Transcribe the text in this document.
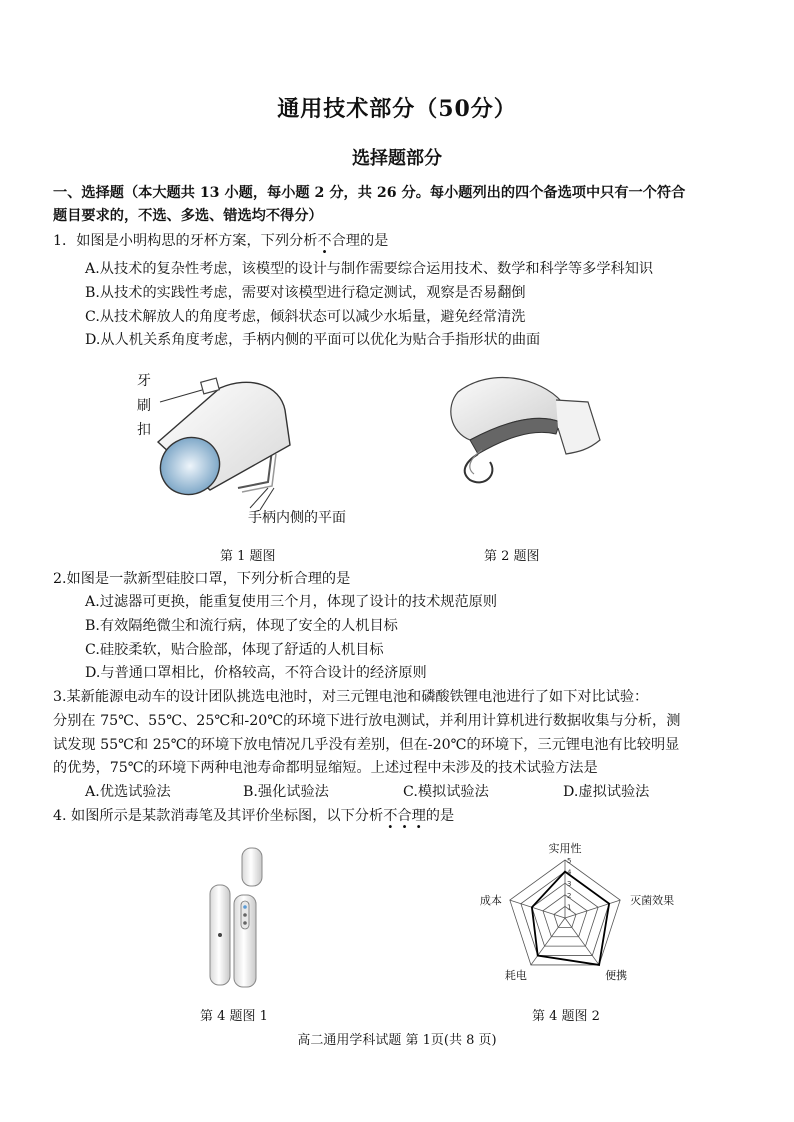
通用技术部分（50分）
选择题部分
一、选择题（本大题共 13 小题，每小题 2 分，共 26 分。每小题列出的四个备选项中只有一个符合
题目要求的，不选、多选、错选均不得分）
1．如图是小明构思的牙杯方案，下列分析不合理的是
A.从技术的复杂性考虑，该模型的设计与制作需要综合运用技术、数学和科学等多学科知识
B.从技术的实践性考虑，需要对该模型进行稳定测试，观察是否易翻倒
C.从技术解放人的角度考虑，倾斜状态可以减少水垢量，避免经常清洗
D.从人机关系角度考虑，手柄内侧的平面可以优化为贴合手指形状的曲面
牙
刷
扣
手柄内侧的平面
第 1 题图	第 2 题图
2.如图是一款新型硅胶口罩，下列分析合理的是
A.过滤器可更换，能重复使用三个月，体现了设计的技术规范原则
B.有效隔绝微尘和流行病，体现了安全的人机目标
C.硅胶柔软，贴合脸部，体现了舒适的人机目标
D.与普通口罩相比，价格较高，不符合设计的经济原则
3.某新能源电动车的设计团队挑选电池时，对三元锂电池和磷酸铁锂电池进行了如下对比试验：
分别在 75℃、55℃、25℃和-20℃的环境下进行放电测试，并利用计算机进行数据收集与分析，测
试发现 55℃和 25℃的环境下放电情况几乎没有差别，但在-20℃的环境下，三元锂电池有比较明显
的优势，75℃的环境下两种电池寿命都明显缩短。上述过程中未涉及的技术试验方法是
A.优选试验法	B.强化试验法	C.模拟试验法	D.虚拟试验法
4. 如图所示是某款消毒笔及其评价坐标图，以下分析不合理的是
1
2
3
4
5
实用性
灭菌效果
便携
耗电
成本
第 4 题图 1	第 4 题图 2
高二通用学科试题 第 1页(共 8 页)
